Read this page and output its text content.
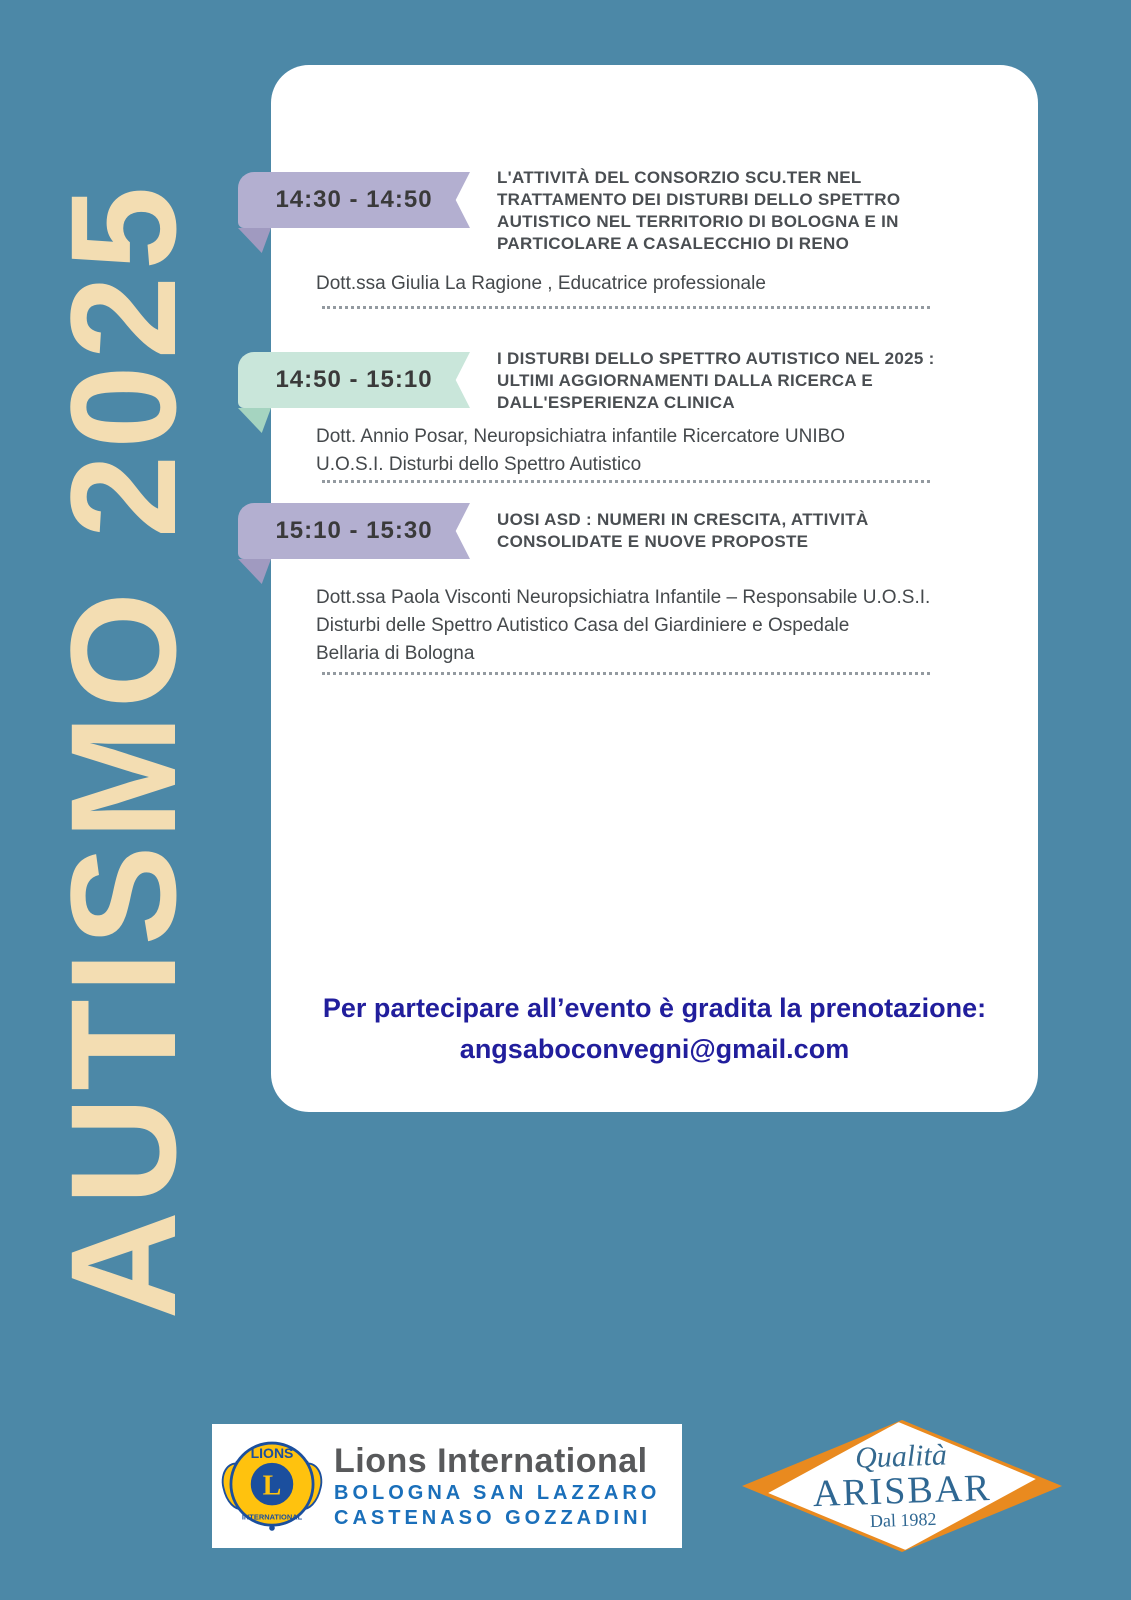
AUTISMO 2025	14:30 - 14:50
L'ATTIVITÀ DEL CONSORZIO SCU.TER NEL
TRATTAMENTO DEI DISTURBI DELLO SPETTRO
AUTISTICO NEL TERRITORIO DI BOLOGNA E IN
PARTICOLARE A CASALECCHIO DI RENO
Dott.ssa Giulia La Ragione , Educatrice professionale
14:50 - 15:10
I DISTURBI DELLO SPETTRO AUTISTICO NEL 2025 :
ULTIMI AGGIORNAMENTI DALLA RICERCA E
DALL'ESPERIENZA CLINICA
Dott. Annio Posar, Neuropsichiatra infantile Ricercatore UNIBO
U.O.S.I. Disturbi dello Spettro Autistico
15:10 - 15:30	UOSI ASD : NUMERI IN CRESCITA, ATTIVITÀ
CONSOLIDATE E NUOVE PROPOSTE
Dott.ssa Paola Visconti Neuropsichiatra Infantile – Responsabile U.O.S.I.
Disturbi delle Spettro Autistico Casa del Giardiniere e Ospedale
Bellaria di Bologna
Per partecipare all’evento è gradita la prenotazione:
angsaboconvegni@gmail.com
LIONS
L
INTERNATIONAL
Lions International
BOLOGNA SAN LAZZARO
CASTENASO GOZZADINI
Qualità
ARISBAR
Dal 1982
